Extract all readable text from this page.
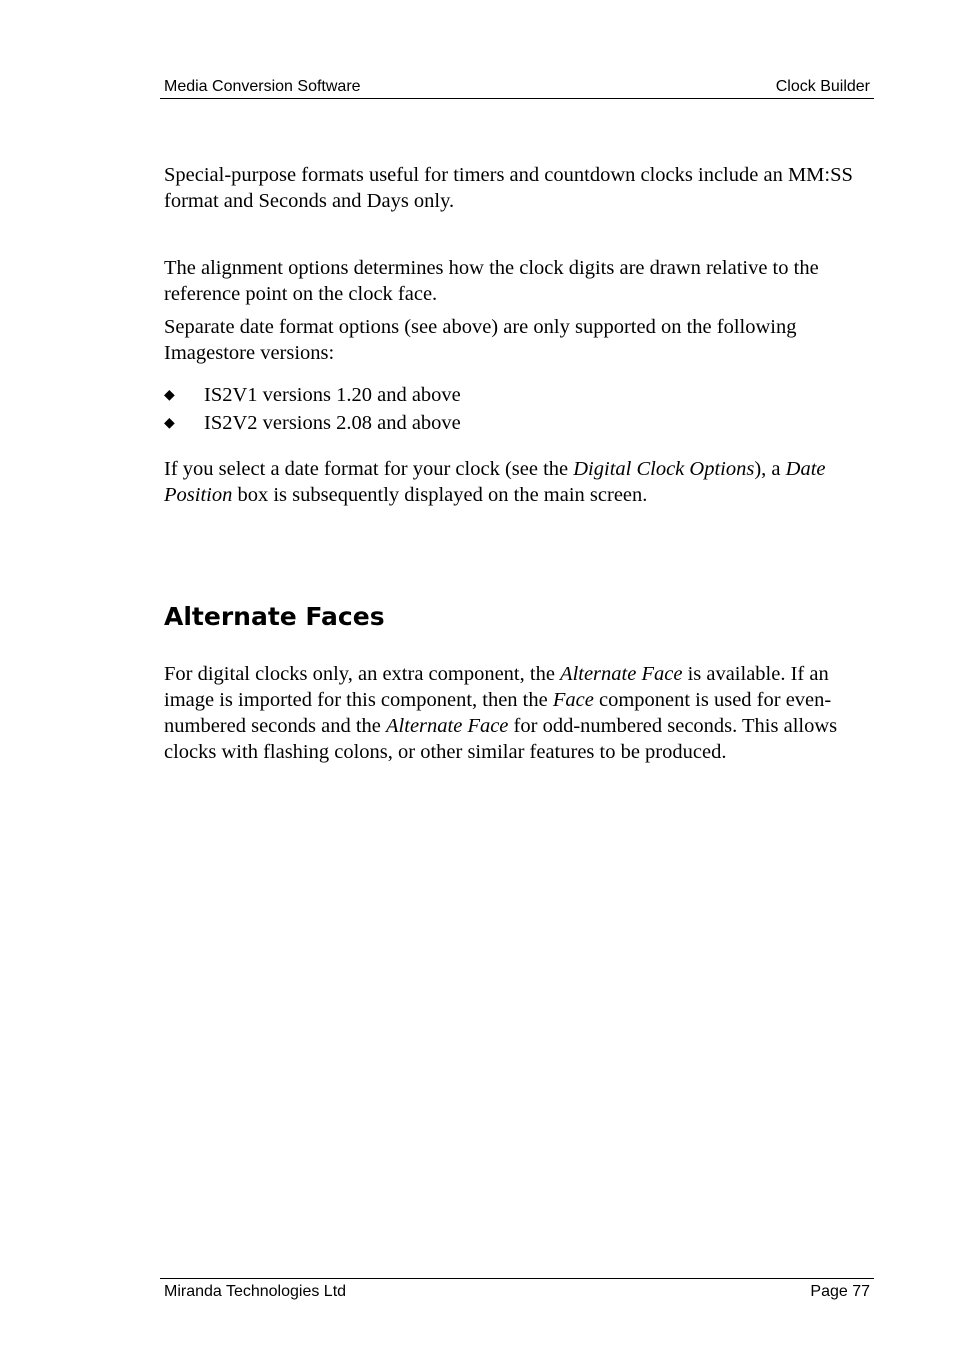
Media Conversion Software	Clock Builder

Special-purpose formats useful for timers and countdown clocks include an MM:SS format and Seconds and Days only.

The alignment options determines how the clock digits are drawn relative to the reference point on the clock face.

Separate date format options (see above) are only supported on the following Imagestore versions:

◆ IS2V1 versions 1.20 and above
◆ IS2V2 versions 2.08 and above

If you select a date format for your clock (see the Digital Clock Options), a Date Position box is subsequently displayed on the main screen.

Alternate Faces

For digital clocks only, an extra component, the Alternate Face is available. If an image is imported for this component, then the Face component is used for even-numbered seconds and the Alternate Face for odd-numbered seconds. This allows clocks with flashing colons, or other similar features to be produced.

Miranda Technologies Ltd	Page 77
